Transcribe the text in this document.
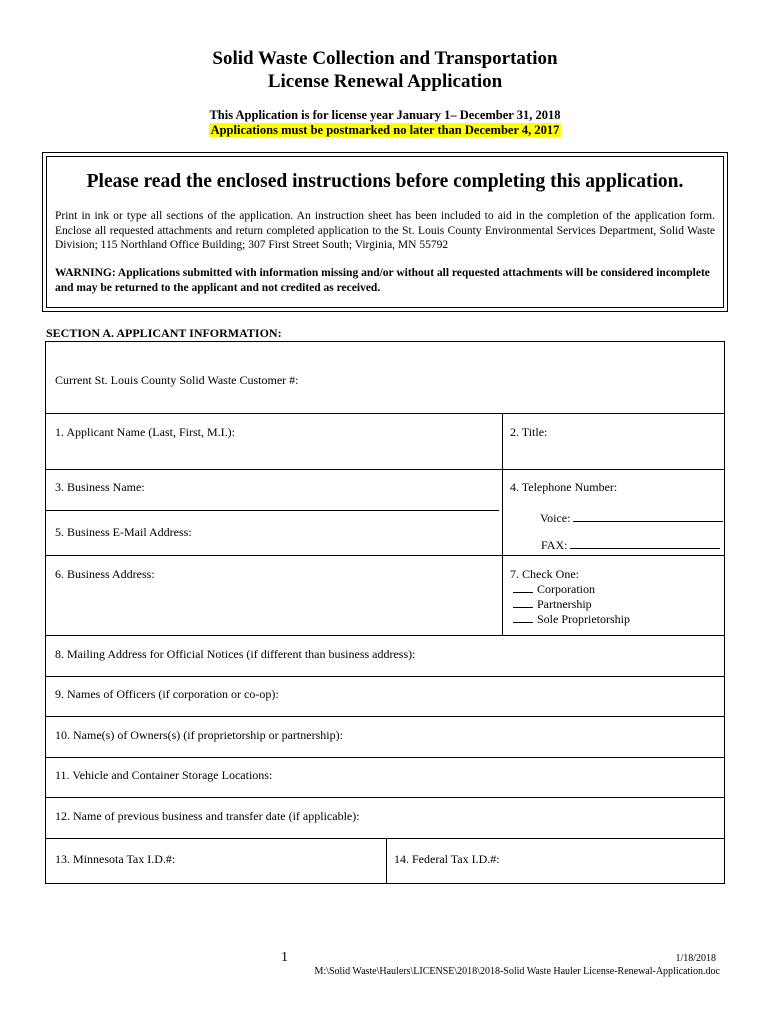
Solid Waste Collection and Transportation
License Renewal Application
This Application is for license year January 1– December 31, 2018
Applications must be postmarked no later than December 4, 2017
Please read the enclosed instructions before completing this application.
Print in ink or type all sections of the application. An instruction sheet has been included to aid in the completion of the application form. Enclose all requested attachments and return completed application to the St. Louis County Environmental Services Department, Solid Waste Division; 115 Northland Office Building; 307 First Street South; Virginia, MN 55792
WARNING: Applications submitted with information missing and/or without all requested attachments will be considered incomplete and may be returned to the applicant and not credited as received.
SECTION A. APPLICANT INFORMATION:
Current St. Louis County Solid Waste Customer #:
1. Applicant Name (Last, First, M.I.):	2. Title:
3. Business Name:	4. Telephone Number:
Voice:
FAX:
5. Business E-Mail Address:
6. Business Address:	7. Check One:
Corporation
Partnership
Sole Proprietorship
8. Mailing Address for Official Notices (if different than business address):
9. Names of Officers (if corporation or co-op):
10. Name(s) of Owners(s) (if proprietorship or partnership):
11. Vehicle and Container Storage Locations:
12. Name of previous business and transfer date (if applicable):
13. Minnesota Tax I.D.#:	14. Federal Tax I.D.#:
1	1/18/2018
M:\Solid Waste\Haulers\LICENSE\2018\2018-Solid Waste Hauler License-Renewal-Application.doc
